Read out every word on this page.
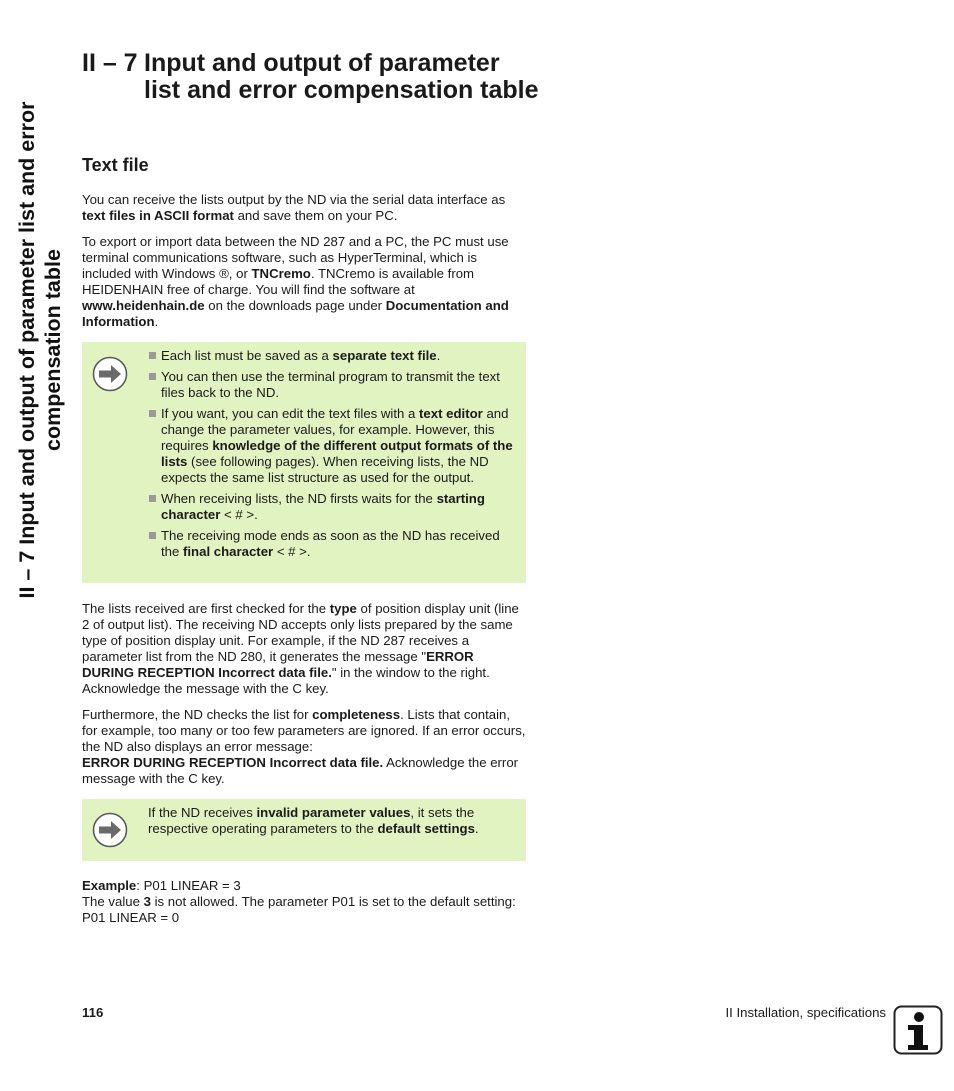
II – 7 Input and output of parameter list and error
compensation table
II – 7 Input and output of parameter list and error compensation table
Text file

You can receive the lists output by the ND via the serial data interface as text files in ASCII format and save them on your PC.

To export or import data between the ND 287 and a PC, the PC must use terminal communications software, such as HyperTerminal, which is included with Windows ®, or TNCremo. TNCremo is available from HEIDENHAIN free of charge. You will find the software at www.heidenhain.de on the downloads page under Documentation and Information.

Each list must be saved as a separate text file.
You can then use the terminal program to transmit the text files back to the ND.
If you want, you can edit the text files with a text editor and change the parameter values, for example. However, this requires knowledge of the different output formats of the lists (see following pages). When receiving lists, the ND expects the same list structure as used for the output.
When receiving lists, the ND firsts waits for the starting character < # >.
The receiving mode ends as soon as the ND has received the final character < # >.

The lists received are first checked for the type of position display unit (line 2 of output list). The receiving ND accepts only lists prepared by the same type of position display unit. For example, if the ND 287 receives a parameter list from the ND 280, it generates the message "ERROR DURING RECEPTION Incorrect data file." in the window to the right. Acknowledge the message with the C key.

Furthermore, the ND checks the list for completeness. Lists that contain, for example, too many or too few parameters are ignored. If an error occurs, the ND also displays an error message:
ERROR DURING RECEPTION Incorrect data file. Acknowledge the error message with the C key.

If the ND receives invalid parameter values, it sets the respective operating parameters to the default settings.
Example: P01 LINEAR = 3
The value 3 is not allowed. The parameter P01 is set to the default setting: P01 LINEAR = 0
116	II Installation, specifications
